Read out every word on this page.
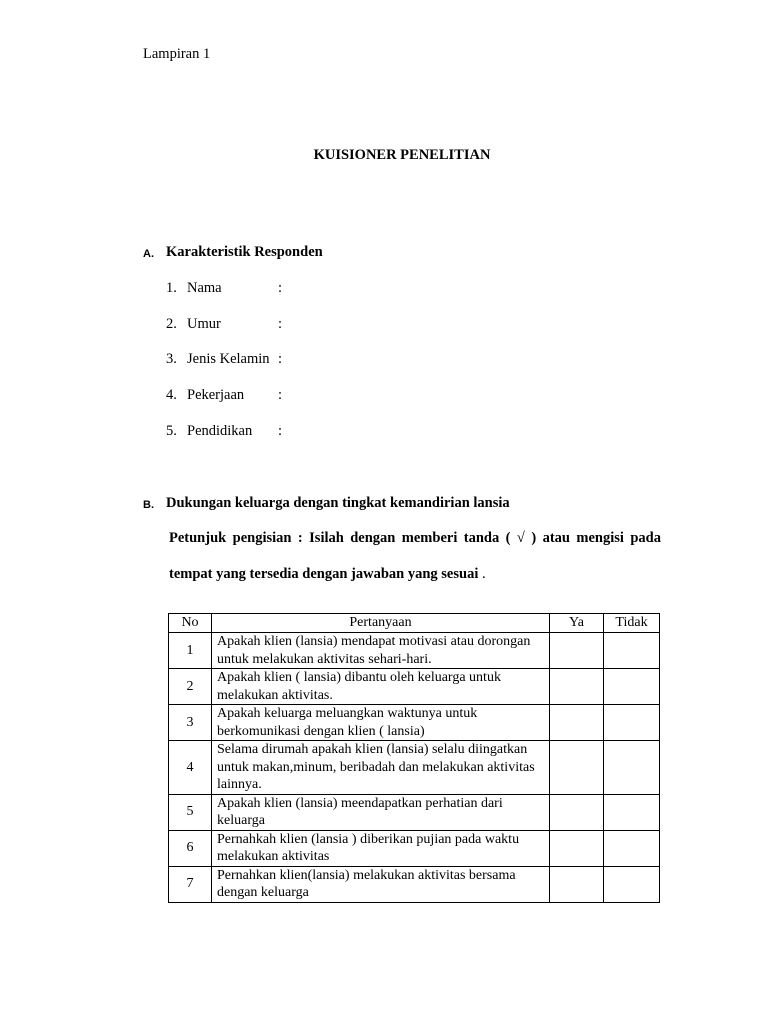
Lampiran 1
KUISIONER PENELITIAN
A. Karakteristik Responden
1. Nama	:
2. Umur	:
3. Jenis Kelamin :
4. Pekerjaan :
5. Pendidikan :
B. Dukungan keluarga dengan tingkat kemandirian lansia
Petunjuk pengisian : Isilah dengan memberi tanda ( √ ) atau mengisi pada
tempat yang tersedia dengan jawaban yang sesuai .
No	Pertanyaan	Ya	Tidak
1	Apakah klien (lansia) mendapat motivasi atau dorongan untuk melakukan aktivitas sehari-hari.		
2	Apakah klien ( lansia) dibantu oleh keluarga untuk melakukan aktivitas.		
3	Apakah keluarga meluangkan waktunya untuk berkomunikasi dengan klien ( lansia)		
4	Selama dirumah apakah klien (lansia) selalu diingatkan untuk makan,minum, beribadah dan melakukan aktivitas lainnya.		
5	Apakah klien (lansia) meendapatkan perhatian dari keluarga		
6	Pernahkah klien (lansia ) diberikan pujian pada waktu melakukan aktivitas		
7	Pernahkan klien(lansia) melakukan aktivitas bersama dengan keluarga		
